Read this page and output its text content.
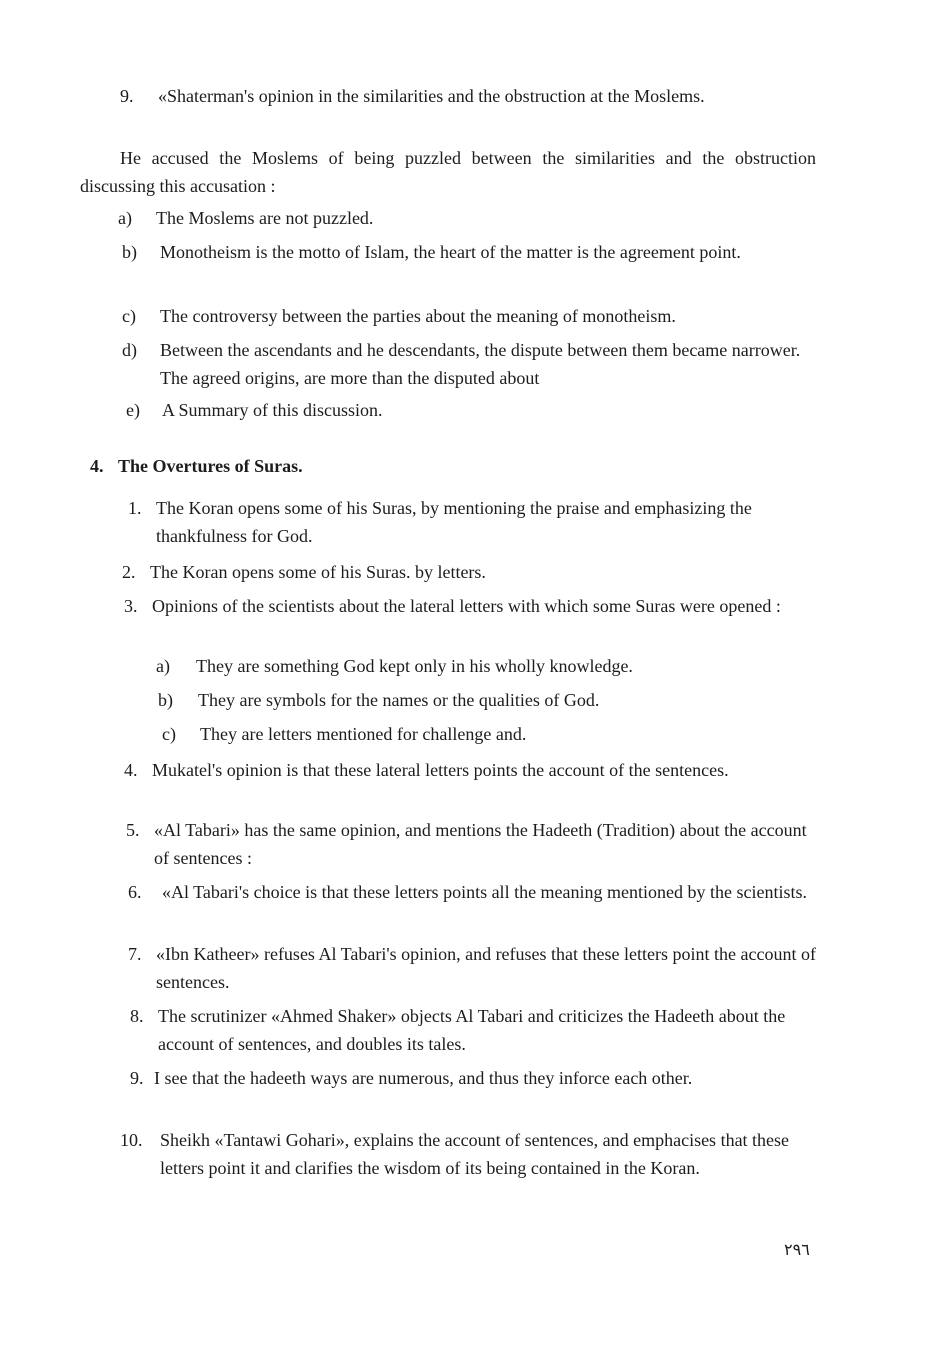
9. «Shaterman's opinion in the similarities and the obstruction at the Moslems.
He accused the Moslems of being puzzled between the similarities and the obstruction discussing this accusation :
a) The Moslems are not puzzled.
b) Monotheism is the motto of Islam, the heart of the matter is the agreement point.
c) The controversy between the parties about the meaning of monotheism.
d) Between the ascendants and he descendants, the dispute between them became narrower. The agreed origins, are more than the disputed about
e) A Summary of this discussion.
4. The Overtures of Suras.
1. The Koran opens some of his Suras, by mentioning the praise and emphasizing the thankfulness for God.
2. The Koran opens some of his Suras. by letters.
3. Opinions of the scientists about the lateral letters with which some Suras were opened :
a) They are something God kept only in his wholly knowledge.
b) They are symbols for the names or the qualities of God.
c) They are letters mentioned for challenge and.
4. Mukatel's opinion is that these lateral letters points the account of the sentences.
5. «Al Tabari» has the same opinion, and mentions the Hadeeth (Tradition) about the account of sentences :
6. «Al Tabari's choice is that these letters points all the meaning mentioned by the scientists.
7. «Ibn Katheer» refuses Al Tabari's opinion, and refuses that these letters point the account of sentences.
8. The scrutinizer «Ahmed Shaker» objects Al Tabari and criticizes the Hadeeth about the account of sentences, and doubles its tales.
9. I see that the hadeeth ways are numerous, and thus they inforce each other.
10. Sheikh «Tantawi Gohari», explains the account of sentences, and emphacises that these letters point it and clarifies the wisdom of its being contained in the Koran.
٢٩٦
